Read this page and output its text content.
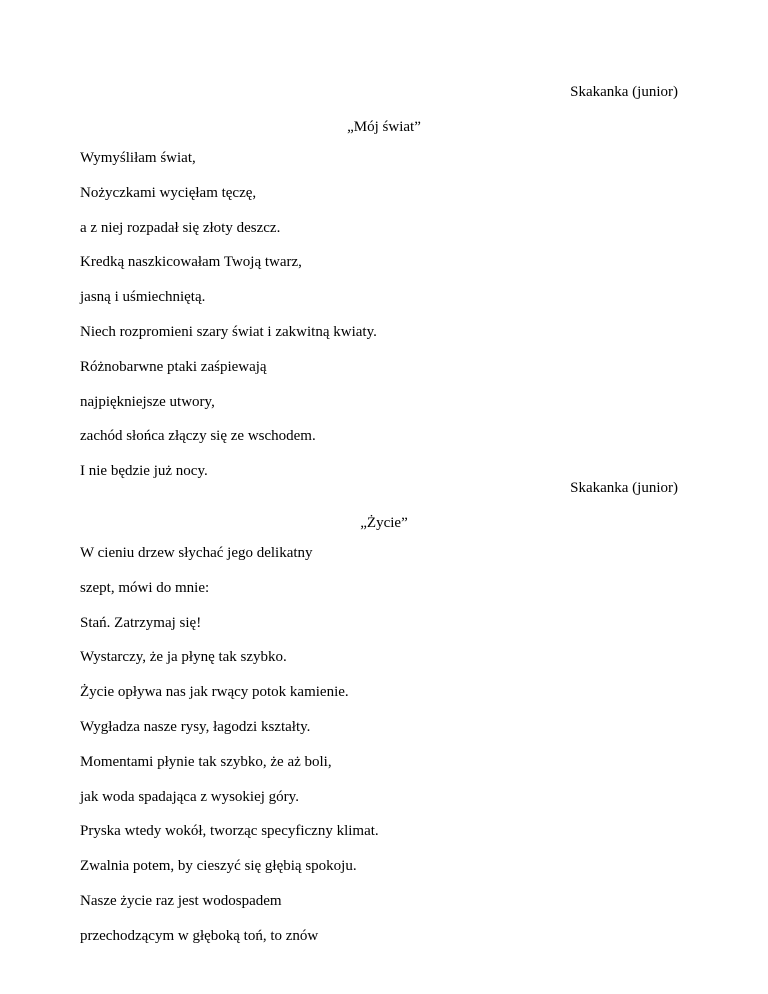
Skakanka (junior)
„Mój świat”
Wymyśliłam świat,
Nożyczkami wycięłam tęczę,
a z niej rozpadał się złoty deszcz.
Kredką naszkicowałam Twoją twarz,
jasną i uśmiechniętą.
Niech rozpromieni szary świat i zakwitną kwiaty.
Różnobarwne ptaki zaśpiewają
najpiękniejsze utwory,
zachód słońca złączy się ze wschodem.
I nie będzie już nocy.
Skakanka (junior)
„Życie”
W cieniu drzew słychać jego delikatny
szept, mówi do mnie:
Stań. Zatrzymaj się!
Wystarczy, że ja płynę tak szybko.
Życie opływa nas jak rwący potok kamienie.
Wygładza nasze rysy, łagodzi kształty.
Momentami płynie tak szybko, że aż boli,
jak woda spadająca z wysokiej góry.
Pryska wtedy wokół, tworząc specyficzny klimat.
Zwalnia potem, by cieszyć się głębią spokoju.
Nasze życie raz jest wodospadem
przechodzącym w głęboką toń, to znów
